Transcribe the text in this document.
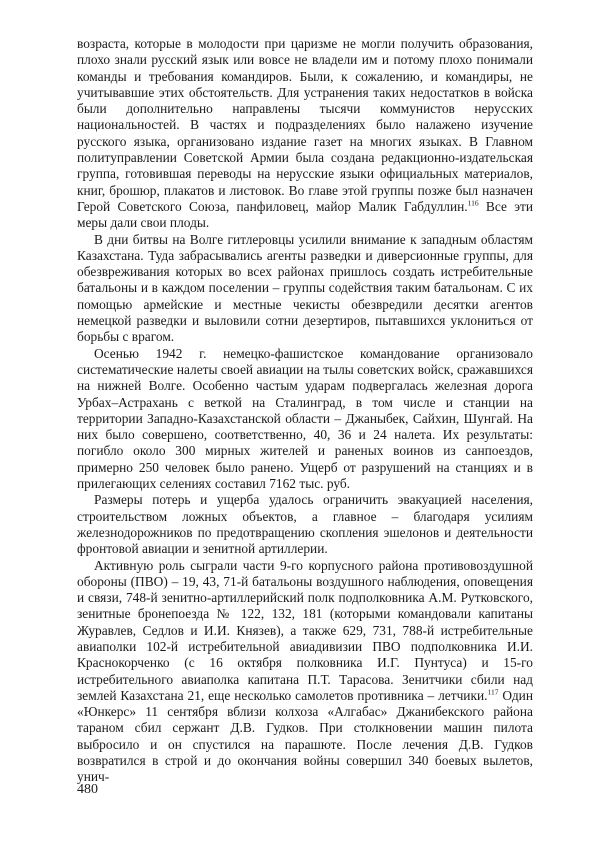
возраста, которые в молодости при царизме не могли получить образования, плохо знали русский язык или вовсе не владели им и потому плохо понимали команды и требования командиров. Были, к сожалению, и командиры, не учитывавшие этих обстоятельств. Для устранения таких недостатков в войска были дополнительно направлены тысячи коммунистов нерусских национальностей. В частях и подразделениях было налажено изучение русского языка, организовано издание газет на многих языках. В Главном политуправлении Советской Армии была создана редакционно-издательская группа, готовившая переводы на нерусские языки официальных материалов, книг, брошюр, плакатов и листовок. Во главе этой группы позже был назначен Герой Советского Союза, панфиловец, майор Малик Габдуллин.$^{116}$ Все эти меры дали свои плоды.

В дни битвы на Волге гитлеровцы усилили внимание к западным областям Казахстана. Туда забрасывались агенты разведки и диверсионные группы, для обезвреживания которых во всех районах пришлось создать истребительные батальоны и в каждом поселении – группы содействия таким батальонам. С их помощью армейские и местные чекисты обезвредили десятки агентов немецкой разведки и выловили сотни дезертиров, пытавшихся уклониться от борьбы с врагом.

Осенью 1942 г. немецко-фашистское командование организовало систематические налеты своей авиации на тылы советских войск, сражавшихся на нижней Волге. Особенно частым ударам подвергалась железная дорога Урбах–Астрахань с веткой на Сталинград, в том числе и станции на территории Западно-Казахстанской области – Джаныбек, Сайхин, Шунгай. На них было совершено, соответственно, 40, 36 и 24 налета. Их результаты: погибло около 300 мирных жителей и раненых воинов из санпоездов, примерно 250 человек было ранено. Ущерб от разрушений на станциях и в прилегающих селениях составил 7162 тыс. руб.

Размеры потерь и ущерба удалось ограничить эвакуацией населения, строительством ложных объектов, а главное – благодаря усилиям железнодорожников по предотвращению скопления эшелонов и деятельности фронтовой авиации и зенитной артиллерии.

Активную роль сыграли части 9-го корпусного района противовоздушной обороны (ПВО) – 19, 43, 71-й батальоны воздушного наблюдения, оповещения и связи, 748-й зенитно-артиллерийский полк подполковника А.М. Рутковского, зенитные бронепоезда № 122, 132, 181 (которыми командовали капитаны Журавлев, Седлов и И.И. Князев), а также 629, 731, 788-й истребительные авиаполки 102-й истребительной авиадивизии ПВО подполковника И.И. Краснокорченко (с 16 октября полковника И.Г. Пунтуса) и 15-го истребительного авиаполка капитана П.Т. Тарасова. Зенитчики сбили над землей Казахстана 21, еще несколько самолетов противника – летчики.$^{117}$ Один «Юнкерс» 11 сентября вблизи колхоза «Алгабас» Джанибекского района тараном сбил сержант Д.В. Гудков. При столкновении машин пилота выбросило и он спустился на парашюте. После лечения Д.В. Гудков возвратился в строй и до окончания войны совершил 340 боевых вылетов, унич-

480
